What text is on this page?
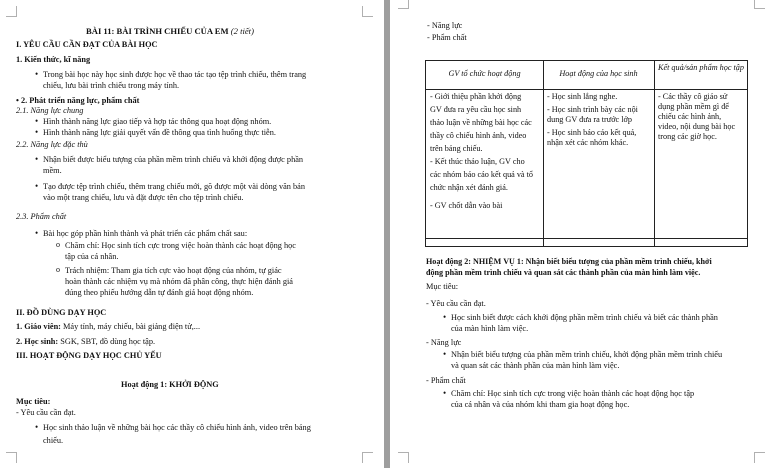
BÀI 11: BÀI TRÌNH CHIẾU CỦA EM (2 tiết)
I. YÊU CẦU CẦN ĐẠT CỦA BÀI HỌC
1. Kiến thức, kĩ năng
• Trong bài học này học sinh được học về thao tác tạo tệp trình chiếu, thêm trang
chiếu, lưu bài trình chiếu trong máy tính.
• 2. Phát triển năng lực, phẩm chất
2.1. Năng lực chung
• Hình thành năng lực giao tiếp và hợp tác thông qua hoạt động nhóm.
• Hình thành năng lực giải quyết vấn đề thông qua tình huống thực tiễn.
2.2. Năng lực đặc thù
• Nhận biết được biểu tượng của phần mềm trình chiếu và khởi động được phần
mềm.
• Tạo được tệp trình chiếu, thêm trang chiếu mới, gõ được một vài dòng văn bản
vào một trang chiếu, lưu và đặt được tên cho tệp trình chiếu.
2.3. Phẩm chất
• Bài học góp phần hình thành và phát triển các phẩm chất sau:
o Chăm chỉ: Học sinh tích cực trong việc hoàn thành các hoạt động học
tập của cá nhân.
o Trách nhiệm: Tham gia tích cực vào hoạt động của nhóm, tự giác
hoàn thành các nhiệm vụ mà nhóm đã phân công, thực hiện đánh giá
đúng theo phiếu hướng dẫn tự đánh giá hoạt động nhóm.
II. ĐỒ DÙNG DẠY HỌC
1. Giáo viên: Máy tính, máy chiếu, bài giảng điện tử,...
2. Học sinh: SGK, SBT, đồ dùng học tập.
III. HOẠT ĐỘNG DẠY HỌC CHỦ YẾU
Hoạt động 1: KHỞI ĐỘNG
Mục tiêu:
- Yêu cầu cần đạt.
• Học sinh thảo luận về những bài học các thầy cô chiếu hình ảnh, video trên bảng
chiếu.
- Năng lực
- Phẩm chất
GV tổ chức hoạt động	Hoạt động của học sinh
Kết quả/sản phẩm học tập
- Giới thiệu phần khởi động
GV đưa ra yêu cầu học sinh
thảo luận về những bài học các
thầy cô chiếu hình ảnh, video
trên bảng chiếu.
- Kết thúc thảo luận, GV cho
các nhóm báo cáo kết quả và tổ
chức nhận xét đánh giá.
- GV chốt dẫn vào bài
- Học sinh lắng nghe.
- Học sinh trình bày các nội
dung GV đưa ra trước lớp
- Học sinh báo cáo kết quả,
nhận xét các nhóm khác.
- Các thầy cô giáo sử
dụng phần mềm gì để
chiếu các hình ảnh,
video, nội dung bài học
trong các giờ học.
Hoạt động 2: NHIỆM VỤ 1: Nhận biết biểu tượng của phần mềm trình chiếu, khởi
động phần mềm trình chiếu và quan sát các thành phần của màn hình làm việc.
Mục tiêu:
- Yêu cầu cần đạt.
• Học sinh biết được cách khởi động phần mềm trình chiếu và biết các thành phần
của màn hình làm việc.
- Năng lực
• Nhận biết biểu tượng của phần mềm trình chiếu, khởi động phần mềm trình chiếu
và quan sát các thành phần của màn hình làm việc.
- Phẩm chất
• Chăm chỉ: Học sinh tích cực trong việc hoàn thành các hoạt động học tập
của cá nhân và của nhóm khi tham gia hoạt động học.
